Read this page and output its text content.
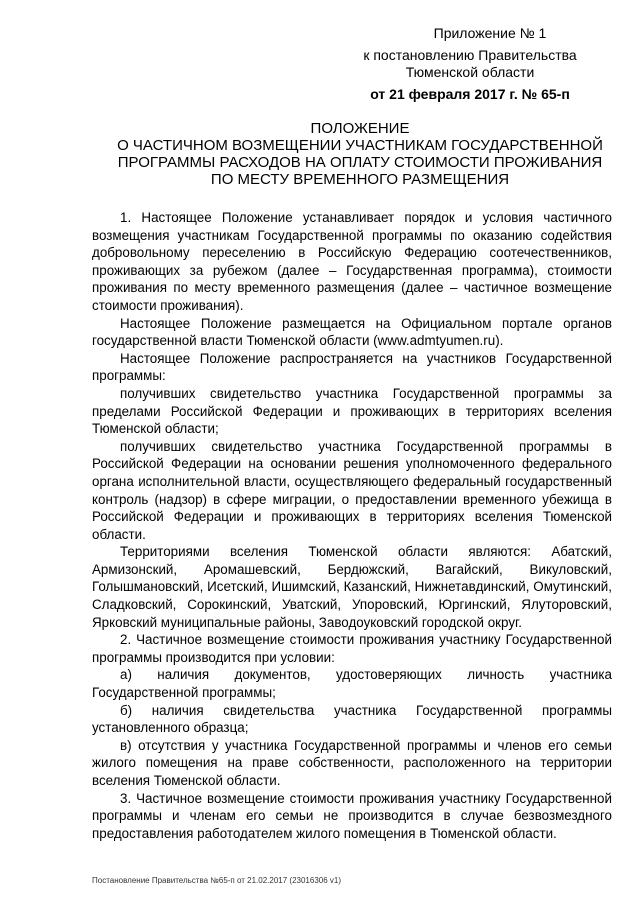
Приложение № 1
к постановлению Правительства
Тюменской области
от 21 февраля 2017 г. № 65-п
ПОЛОЖЕНИЕ
О ЧАСТИЧНОМ ВОЗМЕЩЕНИИ УЧАСТНИКАМ ГОСУДАРСТВЕННОЙ
ПРОГРАММЫ РАСХОДОВ НА ОПЛАТУ СТОИМОСТИ ПРОЖИВАНИЯ
ПО МЕСТУ ВРЕМЕННОГО РАЗМЕЩЕНИЯ

1. Настоящее Положение устанавливает порядок и условия частичного возмещения участникам Государственной программы по оказанию содействия добровольному переселению в Российскую Федерацию соотечественников, проживающих за рубежом (далее – Государственная программа), стоимости проживания по месту временного размещения (далее – частичное возмещение стоимости проживания).

Настоящее Положение размещается на Официальном портале органов государственной власти Тюменской области (www.admtyumen.ru).

Настоящее Положение распространяется на участников Государственной программы:

получивших свидетельство участника Государственной программы за пределами Российской Федерации и проживающих в территориях вселения Тюменской области;

получивших свидетельство участника Государственной программы в Российской Федерации на основании решения уполномоченного федерального органа исполнительной власти, осуществляющего федеральный государственный контроль (надзор) в сфере миграции, о предоставлении временного убежища в Российской Федерации и проживающих в территориях вселения Тюменской области.

Территориями вселения Тюменской области являются: Абатский, Армизонский, Аромашевский, Бердюжский, Вагайский, Викуловский, Голышмановский, Исетский, Ишимский, Казанский, Нижнетавдинский, Омутинский, Сладковский, Сорокинский, Уватский, Упоровский, Юргинский, Ялуторовский, Ярковский муниципальные районы, Заводоуковский городской округ.

2. Частичное возмещение стоимости проживания участнику Государственной программы производится при условии:

а) наличия документов, удостоверяющих личность участника Государственной программы;

б) наличия свидетельства участника Государственной программы установленного образца;

в) отсутствия у участника Государственной программы и членов его семьи жилого помещения на праве собственности, расположенного на территории вселения Тюменской области.

3. Частичное возмещение стоимости проживания участнику Государственной программы и членам его семьи не производится в случае безвозмездного предоставления работодателем жилого помещения в Тюменской области.

Постановление Правительства №65-п от 21.02.2017 (23016306 v1)
